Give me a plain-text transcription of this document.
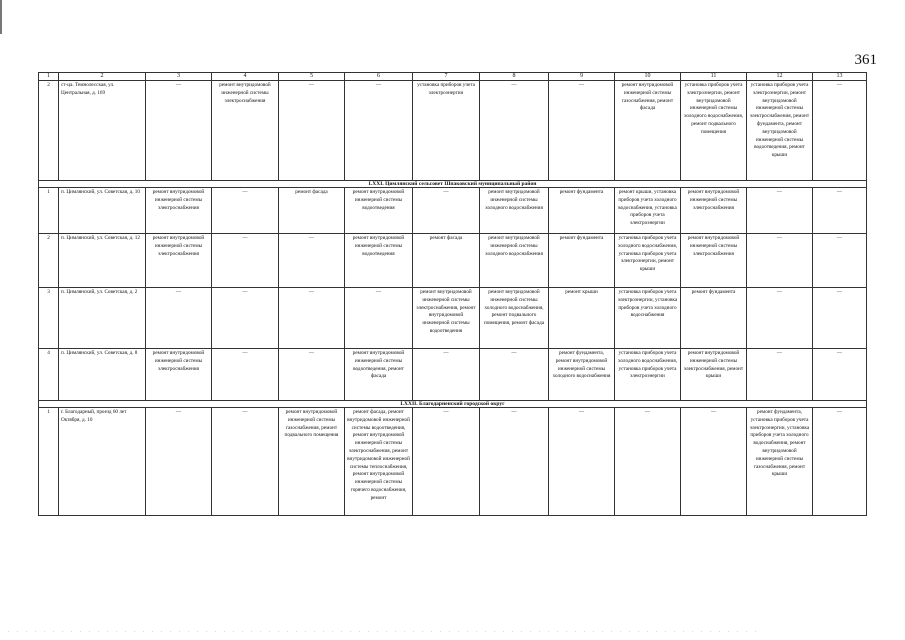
361
1	2	3	4	5	6	7	8	9	10	11	12	13
2	ст-ца. Темнолесская, ул. Центральная, д. 169	—	ремонт внутридомовой инженерной системы электроснабжения	—	—	установка приборов учета электроэнергии	—	—	ремонт внутридомовой инженерной системы газоснабжения, ремонт фасада	установка приборов учета электроэнергии, ремонт внутридомовой инженерной системы холодного водоснабжения, ремонт подвального помещения	установка приборов учета электроэнергии, ремонт внутридомовой инженерной системы электроснабжения, ремонт фундамента, ремонт внутридомовой инженерной системы водоотведения, ремонт крыши	—
LXXI. Цимлянский сельсовет Шпаковский муниципальный район												
1	п. Цимлянский, ул. Советская, д. 10	ремонт внутридомовой инженерной системы электроснабжения	—	ремонт фасада	ремонт внутридомовой инженерной системы водоотведения	—	ремонт внутридомовой инженерной системы холодного водоснабжения	ремонт фундамента	ремонт крыши, установка приборов учета холодного водоснабжения, установка приборов учета электроэнергии	ремонт внутридомовой инженерной системы электроснабжения	—	—
2	п. Цимлянский, ул. Советская, д. 12	ремонт внутридомовой инженерной системы электроснабжения	—	—	ремонт внутридомовой инженерной системы водоотведения	ремонт фасада	ремонт внутридомовой инженерной системы холодного водоснабжения	ремонт фундамента	установка приборов учета холодного водоснабжения, установка приборов учета электроэнергии, ремонт крыши	ремонт внутридомовой инженерной системы электроснабжения	—	—
3	п. Цимлянский, ул. Советская, д. 2	—	—	—	—	ремонт внутридомовой инженерной системы электроснабжения, ремонт внутридомовой инженерной системы водоотведения	ремонт внутридомовой инженерной системы холодного водоснабжения, ремонт подвального помещения, ремонт фасада	ремонт крыши	установка приборов учета электроэнергии, установка приборов учета холодного водоснабжения	ремонт фундамента	—	—
4	п. Цимлянский, ул. Советская, д. 8	ремонт внутридомовой инженерной системы электроснабжения	—	—	ремонт внутридомовой инженерной системы водоотведения, ремонт фасада	—	—	ремонт фундамента, ремонт внутридомовой инженерной системы холодного водоснабжения	установка приборов учета холодного водоснабжения, установка приборов учета электроэнергии	ремонт внутридомовой инженерной системы электроснабжения, ремонт крыши	—	—
LXXII. Благодарненский городской округ												
1	г. Благодарный, проезд 60 лет Октября, д. 10	—	—	ремонт внутридомовой инженерной системы газоснабжения, ремонт подвального помещения	ремонт фасада, ремонт внутридомовой инженерной системы водоотведения, ремонт внутридомовой инженерной системы электроснабжения, ремонт внутридомовой инженерной системы теплоснабжения, ремонт внутридомовой инженерной системы горячего водоснабжения, ремонт	—	—	—	—	—	ремонт фундамента, установка приборов учета электроэнергии, установка приборов учета холодного водоснабжения, ремонт внутридомовой инженерной системы газоснабжения, ремонт крыши	—
. . . . . . . . . . . . . . . . . . . . . . . . . . . . . . . . . . . . . . . . . . . . . . . . . . . . . . . . . . . . . . . . . . . . . . . . . . . . . . . . . . . .
